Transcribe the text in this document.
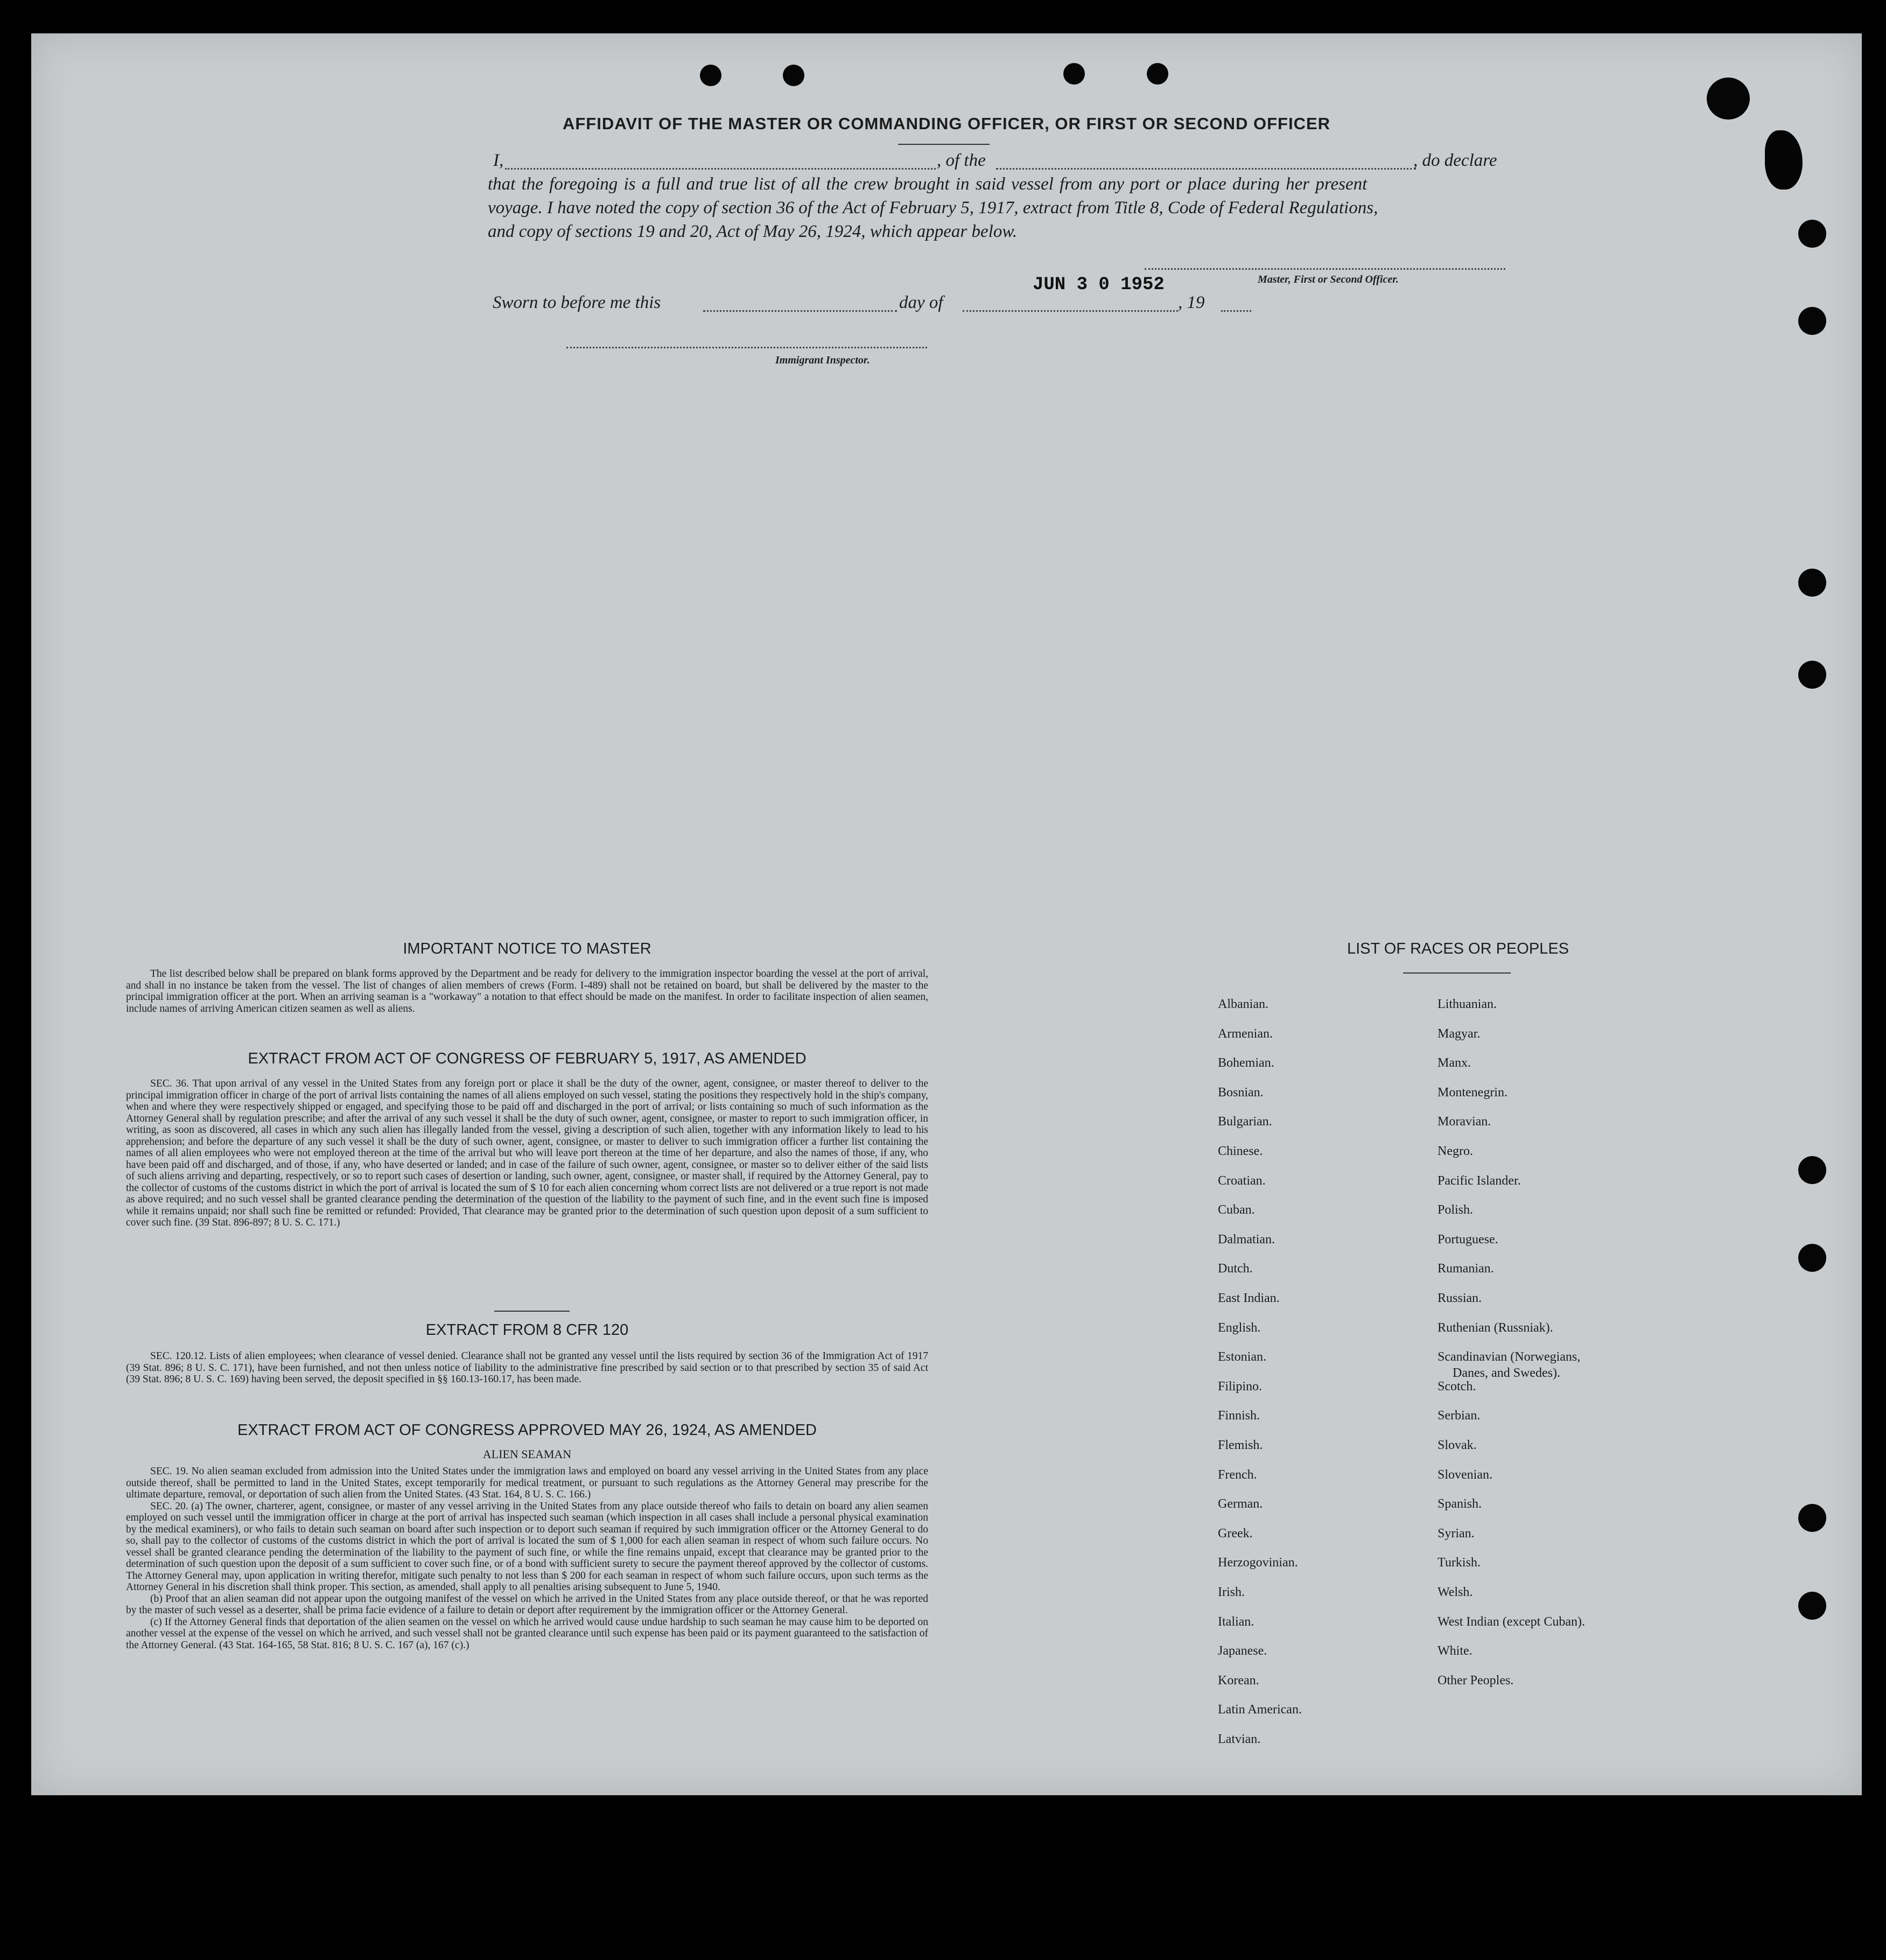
AFFIDAVIT OF THE MASTER OR COMMANDING OFFICER, OR FIRST OR SECOND OFFICER
I,	, of the	, do declare
that the foregoing is a full and true list of all the crew brought in said vessel from any port or place during her present
voyage. I have noted the copy of section 36 of the Act of February 5, 1917, extract from Title 8, Code of Federal Regulations,
and copy of sections 19 and 20, Act of May 26, 1924, which appear below.
Master, First or Second Officer.
Sworn to before me this	day of
JUN 3 0 1952
, 19
Immigrant Inspector.
IMPORTANT NOTICE TO MASTER

The list described below shall be prepared on blank forms approved by the Department and be ready for delivery to the immigration inspector boarding the vessel at the port of arrival, and shall in no instance be taken from the vessel. The list of changes of alien members of crews (Form. I-489) shall not be retained on board, but shall be delivered by the master to the principal immigration officer at the port. When an arriving seaman is a "workaway" a notation to that effect should be made on the manifest. In order to facilitate inspection of alien seamen, include names of arriving American citizen seamen as well as aliens.

EXTRACT FROM ACT OF CONGRESS OF FEBRUARY 5, 1917, AS AMENDED

SEC. 36. That upon arrival of any vessel in the United States from any foreign port or place it shall be the duty of the owner, agent, consignee, or master thereof to deliver to the principal immigration officer in charge of the port of arrival lists containing the names of all aliens employed on such vessel, stating the positions they respectively hold in the ship's company, when and where they were respectively shipped or engaged, and specifying those to be paid off and discharged in the port of arrival; or lists containing so much of such information as the Attorney General shall by regulation prescribe; and after the arrival of any such vessel it shall be the duty of such owner, agent, consignee, or master to report to such immigration officer, in writing, as soon as discovered, all cases in which any such alien has illegally landed from the vessel, giving a description of such alien, together with any information likely to lead to his apprehension; and before the departure of any such vessel it shall be the duty of such owner, agent, consignee, or master to deliver to such immigration officer a further list containing the names of all alien employees who were not employed thereon at the time of the arrival but who will leave port thereon at the time of her departure, and also the names of those, if any, who have been paid off and discharged, and of those, if any, who have deserted or landed; and in case of the failure of such owner, agent, consignee, or master so to deliver either of the said lists of such aliens arriving and departing, respectively, or so to report such cases of desertion or landing, such owner, agent, consignee, or master shall, if required by the Attorney General, pay to the collector of customs of the customs district in which the port of arrival is located the sum of $ 10 for each alien concerning whom correct lists are not delivered or a true report is not made as above required; and no such vessel shall be granted clearance pending the determination of the question of the liability to the payment of such fine, and in the event such fine is imposed while it remains unpaid; nor shall such fine be remitted or refunded: Provided, That clearance may be granted prior to the determination of such question upon deposit of a sum sufficient to cover such fine. (39 Stat. 896-897; 8 U. S. C. 171.)

EXTRACT FROM 8 CFR 120

SEC. 120.12. Lists of alien employees; when clearance of vessel denied. Clearance shall not be granted any vessel until the lists required by section 36 of the Immigration Act of 1917 (39 Stat. 896; 8 U. S. C. 171), have been furnished, and not then unless notice of liability to the administrative fine prescribed by said section or to that prescribed by section 35 of said Act (39 Stat. 896; 8 U. S. C. 169) having been served, the deposit specified in §§ 160.13-160.17, has been made.

EXTRACT FROM ACT OF CONGRESS APPROVED MAY 26, 1924, AS AMENDED
ALIEN SEAMAN

SEC. 19. No alien seaman excluded from admission into the United States under the immigration laws and employed on board any vessel arriving in the United States from any place outside thereof, shall be permitted to land in the United States, except temporarily for medical treatment, or pursuant to such regulations as the Attorney General may prescribe for the ultimate departure, removal, or deportation of such alien from the United States. (43 Stat. 164, 8 U. S. C. 166.)

SEC. 20. (a) The owner, charterer, agent, consignee, or master of any vessel arriving in the United States from any place outside thereof who fails to detain on board any alien seamen employed on such vessel until the immigration officer in charge at the port of arrival has inspected such seaman (which inspection in all cases shall include a personal physical examination by the medical examiners), or who fails to detain such seaman on board after such inspection or to deport such seaman if required by such immigration officer or the Attorney General to do so, shall pay to the collector of customs of the customs district in which the port of arrival is located the sum of $ 1,000 for each alien seaman in respect of whom such failure occurs. No vessel shall be granted clearance pending the determination of the liability to the payment of such fine, or while the fine remains unpaid, except that clearance may be granted prior to the determination of such question upon the deposit of a sum sufficient to cover such fine, or of a bond with sufficient surety to secure the payment thereof approved by the collector of customs. The Attorney General may, upon application in writing therefor, mitigate such penalty to not less than $ 200 for each seaman in respect of whom such failure occurs, upon such terms as the Attorney General in his discretion shall think proper. This section, as amended, shall apply to all penalties arising subsequent to June 5, 1940.

(b) Proof that an alien seaman did not appear upon the outgoing manifest of the vessel on which he arrived in the United States from any place outside thereof, or that he was reported by the master of such vessel as a deserter, shall be prima facie evidence of a failure to detain or deport after requirement by the immigration officer or the Attorney General.

(c) If the Attorney General finds that deportation of the alien seamen on the vessel on which he arrived would cause undue hardship to such seaman he may cause him to be deported on another vessel at the expense of the vessel on which he arrived, and such vessel shall not be granted clearance until such expense has been paid or its payment guaranteed to the satisfaction of the Attorney General. (43 Stat. 164-165, 58 Stat. 816; 8 U. S. C. 167 (a), 167 (c).)

LIST OF RACES OR PEOPLES
Albanian.
Armenian.
Bohemian.
Bosnian.
Bulgarian.
Chinese.
Croatian.
Cuban.
Dalmatian.
Dutch.
East Indian.
English.
Estonian.
Filipino.
Finnish.
Flemish.
French.
German.
Greek.
Herzogovinian.
Irish.
Italian.
Japanese.
Korean.
Latin American.
Latvian.
Lithuanian.
Magyar.
Manx.
Montenegrin.
Moravian.
Negro.
Pacific Islander.
Polish.
Portuguese.
Rumanian.
Russian.
Ruthenian (Russniak).
Scandinavian (Norwegians,
Danes, and Swedes).
Scotch.
Serbian.
Slovak.
Slovenian.
Spanish.
Syrian.
Turkish.
Welsh.
West Indian (except Cuban).
White.
Other Peoples.
